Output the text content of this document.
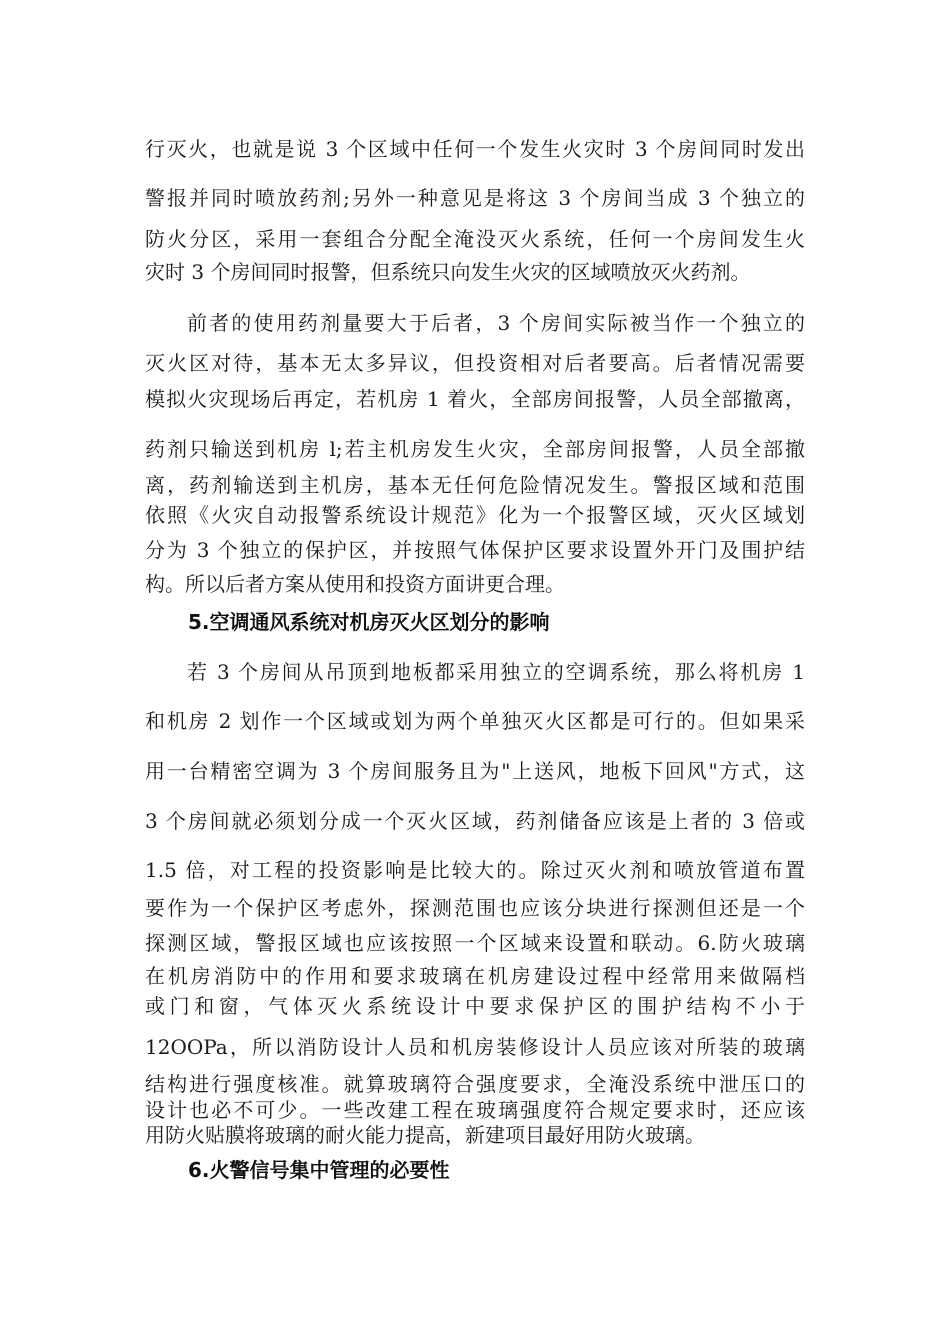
行灭火，也就是说 3 个区域中任何一个发生火灾时 3 个房间同时发出
警报并同时喷放药剂;另外一种意见是将这 3 个房间当成 3 个独立的
防火分区，采用一套组合分配全淹没灭火系统，任何一个房间发生火
灾时 3 个房间同时报警，但系统只向发生火灾的区域喷放灭火药剂。
前者的使用药剂量要大于后者，3 个房间实际被当作一个独立的
灭火区对待，基本无太多异议，但投资相对后者要高。后者情况需要
模拟火灾现场后再定，若机房 1 着火，全部房间报警，人员全部撤离，
药剂只输送到机房 l;若主机房发生火灾，全部房间报警，人员全部撤
离，药剂输送到主机房，基本无任何危险情况发生。警报区域和范围
依照《火灾自动报警系统设计规范》化为一个报警区域，灭火区域划
分为 3 个独立的保护区，并按照气体保护区要求设置外开门及围护结
构。所以后者方案从使用和投资方面讲更合理。
5.空调通风系统对机房灭火区划分的影响
若 3 个房间从吊顶到地板都采用独立的空调系统，那么将机房 1
和机房 2 划作一个区域或划为两个单独灭火区都是可行的。但如果采
用一台精密空调为 3 个房间服务且为"上送风，地板下回风"方式，这
3 个房间就必须划分成一个灭火区域，药剂储备应该是上者的 3 倍或
1.5 倍，对工程的投资影响是比较大的。除过灭火剂和喷放管道布置
要作为一个保护区考虑外，探测范围也应该分块进行探测但还是一个
探测区域，警报区域也应该按照一个区域来设置和联动。6.防火玻璃
在机房消防中的作用和要求玻璃在机房建设过程中经常用来做隔档
或门和窗，气体灭火系统设计中要求保护区的围护结构不小于
12OOPa，所以消防设计人员和机房装修设计人员应该对所装的玻璃
结构进行强度核准。就算玻璃符合强度要求，全淹没系统中泄压口的
设计也必不可少。一些改建工程在玻璃强度符合规定要求时，还应该
用防火贴膜将玻璃的耐火能力提高，新建项目最好用防火玻璃。
6.火警信号集中管理的必要性
